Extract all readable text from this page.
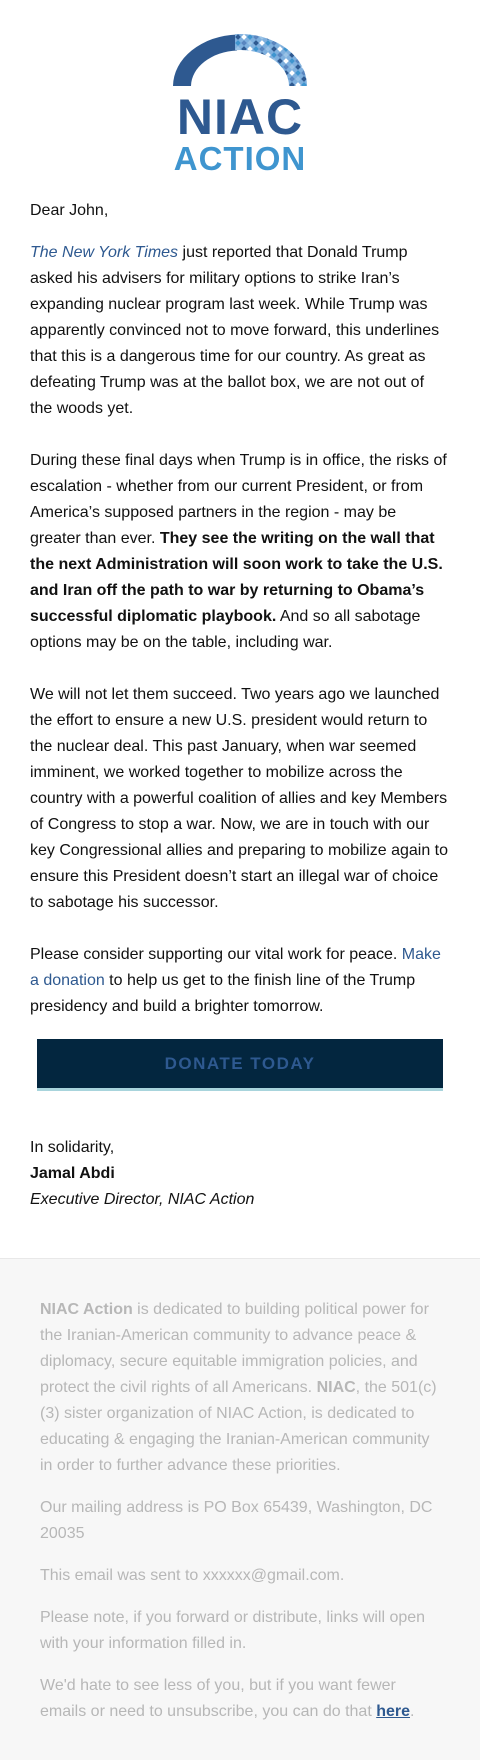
NIAC
ACTION

Dear John,

The New York Times just reported that Donald Trump asked his advisers for military options to strike Iran’s expanding nuclear program last week. While Trump was apparently convinced not to move forward, this underlines that this is a dangerous time for our country. As great as defeating Trump was at the ballot box, we are not out of the woods yet.

During these final days when Trump is in office, the risks of escalation - whether from our current President, or from America’s supposed partners in the region - may be greater than ever. They see the writing on the wall that the next Administration will soon work to take the U.S. and Iran off the path to war by returning to Obama’s successful diplomatic playbook. And so all sabotage options may be on the table, including war.

We will not let them succeed. Two years ago we launched the effort to ensure a new U.S. president would return to the nuclear deal. This past January, when war seemed imminent, we worked together to mobilize across the country with a powerful coalition of allies and key Members of Congress to stop a war. Now, we are in touch with our key Congressional allies and preparing to mobilize again to ensure this President doesn’t start an illegal war of choice to sabotage his successor.

Please consider supporting our vital work for peace. Make a donation to help us get to the finish line of the Trump presidency and build a brighter tomorrow.

DONATE TODAY

In solidarity,

Jamal Abdi

Executive Director, NIAC Action

NIAC Action is dedicated to building political power for the Iranian-American community to advance peace & diplomacy, secure equitable immigration policies, and protect the civil rights of all Americans. NIAC, the 501(c)(3) sister organization of NIAC Action, is dedicated to educating & engaging the Iranian-American community in order to further advance these priorities.

Our mailing address is PO Box 65439, Washington, DC 20035

This email was sent to xxxxxx@gmail.com.

Please note, if you forward or distribute, links will open with your information filled in.

We'd hate to see less of you, but if you want fewer emails or need to unsubscribe, you can do that here.
